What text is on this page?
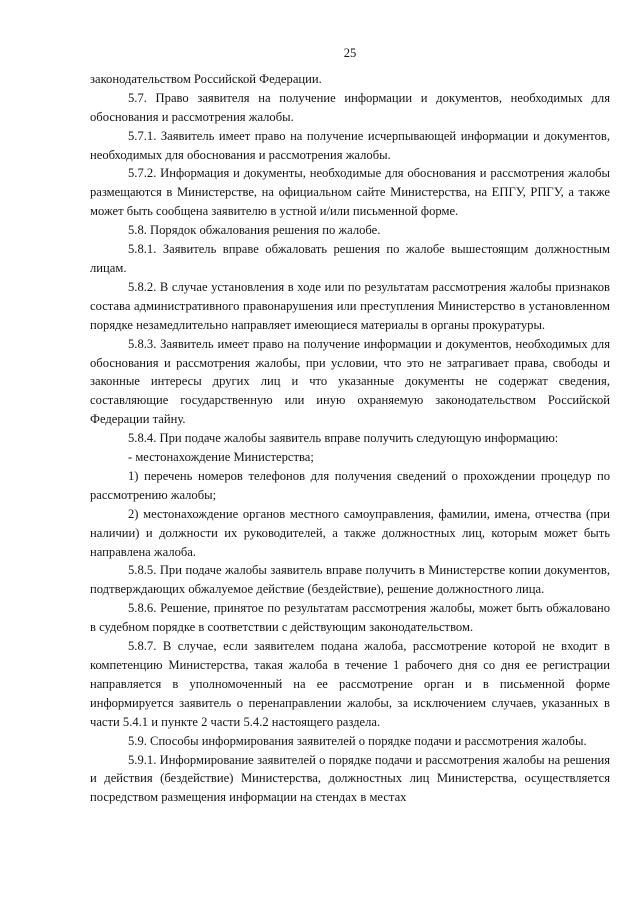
25

законодательством Российской Федерации.

5.7. Право заявителя на получение информации и документов, необходимых для обоснования и рассмотрения жалобы.

5.7.1. Заявитель имеет право на получение исчерпывающей информации и документов, необходимых для обоснования и рассмотрения жалобы.

5.7.2. Информация и документы, необходимые для обоснования и рассмотрения жалобы размещаются в Министерстве, на официальном сайте Министерства, на ЕПГУ, РПГУ, а также может быть сообщена заявителю в устной и/или письменной форме.

5.8. Порядок обжалования решения по жалобе.

5.8.1. Заявитель вправе обжаловать решения по жалобе вышестоящим должностным лицам.

5.8.2. В случае установления в ходе или по результатам рассмотрения жалобы признаков состава административного правонарушения или преступления Министерство в установленном порядке незамедлительно направляет имеющиеся материалы в органы прокуратуры.

5.8.3. Заявитель имеет право на получение информации и документов, необходимых для обоснования и рассмотрения жалобы, при условии, что это не затрагивает права, свободы и законные интересы других лиц и что указанные документы не содержат сведения, составляющие государственную или иную охраняемую законодательством Российской Федерации тайну.

5.8.4. При подаче жалобы заявитель вправе получить следующую информацию:

- местонахождение Министерства;

1) перечень номеров телефонов для получения сведений о прохождении процедур по рассмотрению жалобы;

2) местонахождение органов местного самоуправления, фамилии, имена, отчества (при наличии) и должности их руководителей, а также должностных лиц, которым может быть направлена жалоба.

5.8.5. При подаче жалобы заявитель вправе получить в Министерстве копии документов, подтверждающих обжалуемое действие (бездействие), решение должностного лица.

5.8.6. Решение, принятое по результатам рассмотрения жалобы, может быть обжаловано в судебном порядке в соответствии с действующим законодательством.

5.8.7. В случае, если заявителем подана жалоба, рассмотрение которой не входит в компетенцию Министерства, такая жалоба в течение 1 рабочего дня со дня ее регистрации направляется в уполномоченный на ее рассмотрение орган и в письменной форме информируется заявитель о перенаправлении жалобы, за исключением случаев, указанных в части 5.4.1 и пункте 2 части 5.4.2 настоящего раздела.

5.9. Способы информирования заявителей о порядке подачи и рассмотрения жалобы.

5.9.1. Информирование заявителей о порядке подачи и рассмотрения жалобы на решения и действия (бездействие) Министерства, должностных лиц Министерства, осуществляется посредством размещения информации на стендах в местах
